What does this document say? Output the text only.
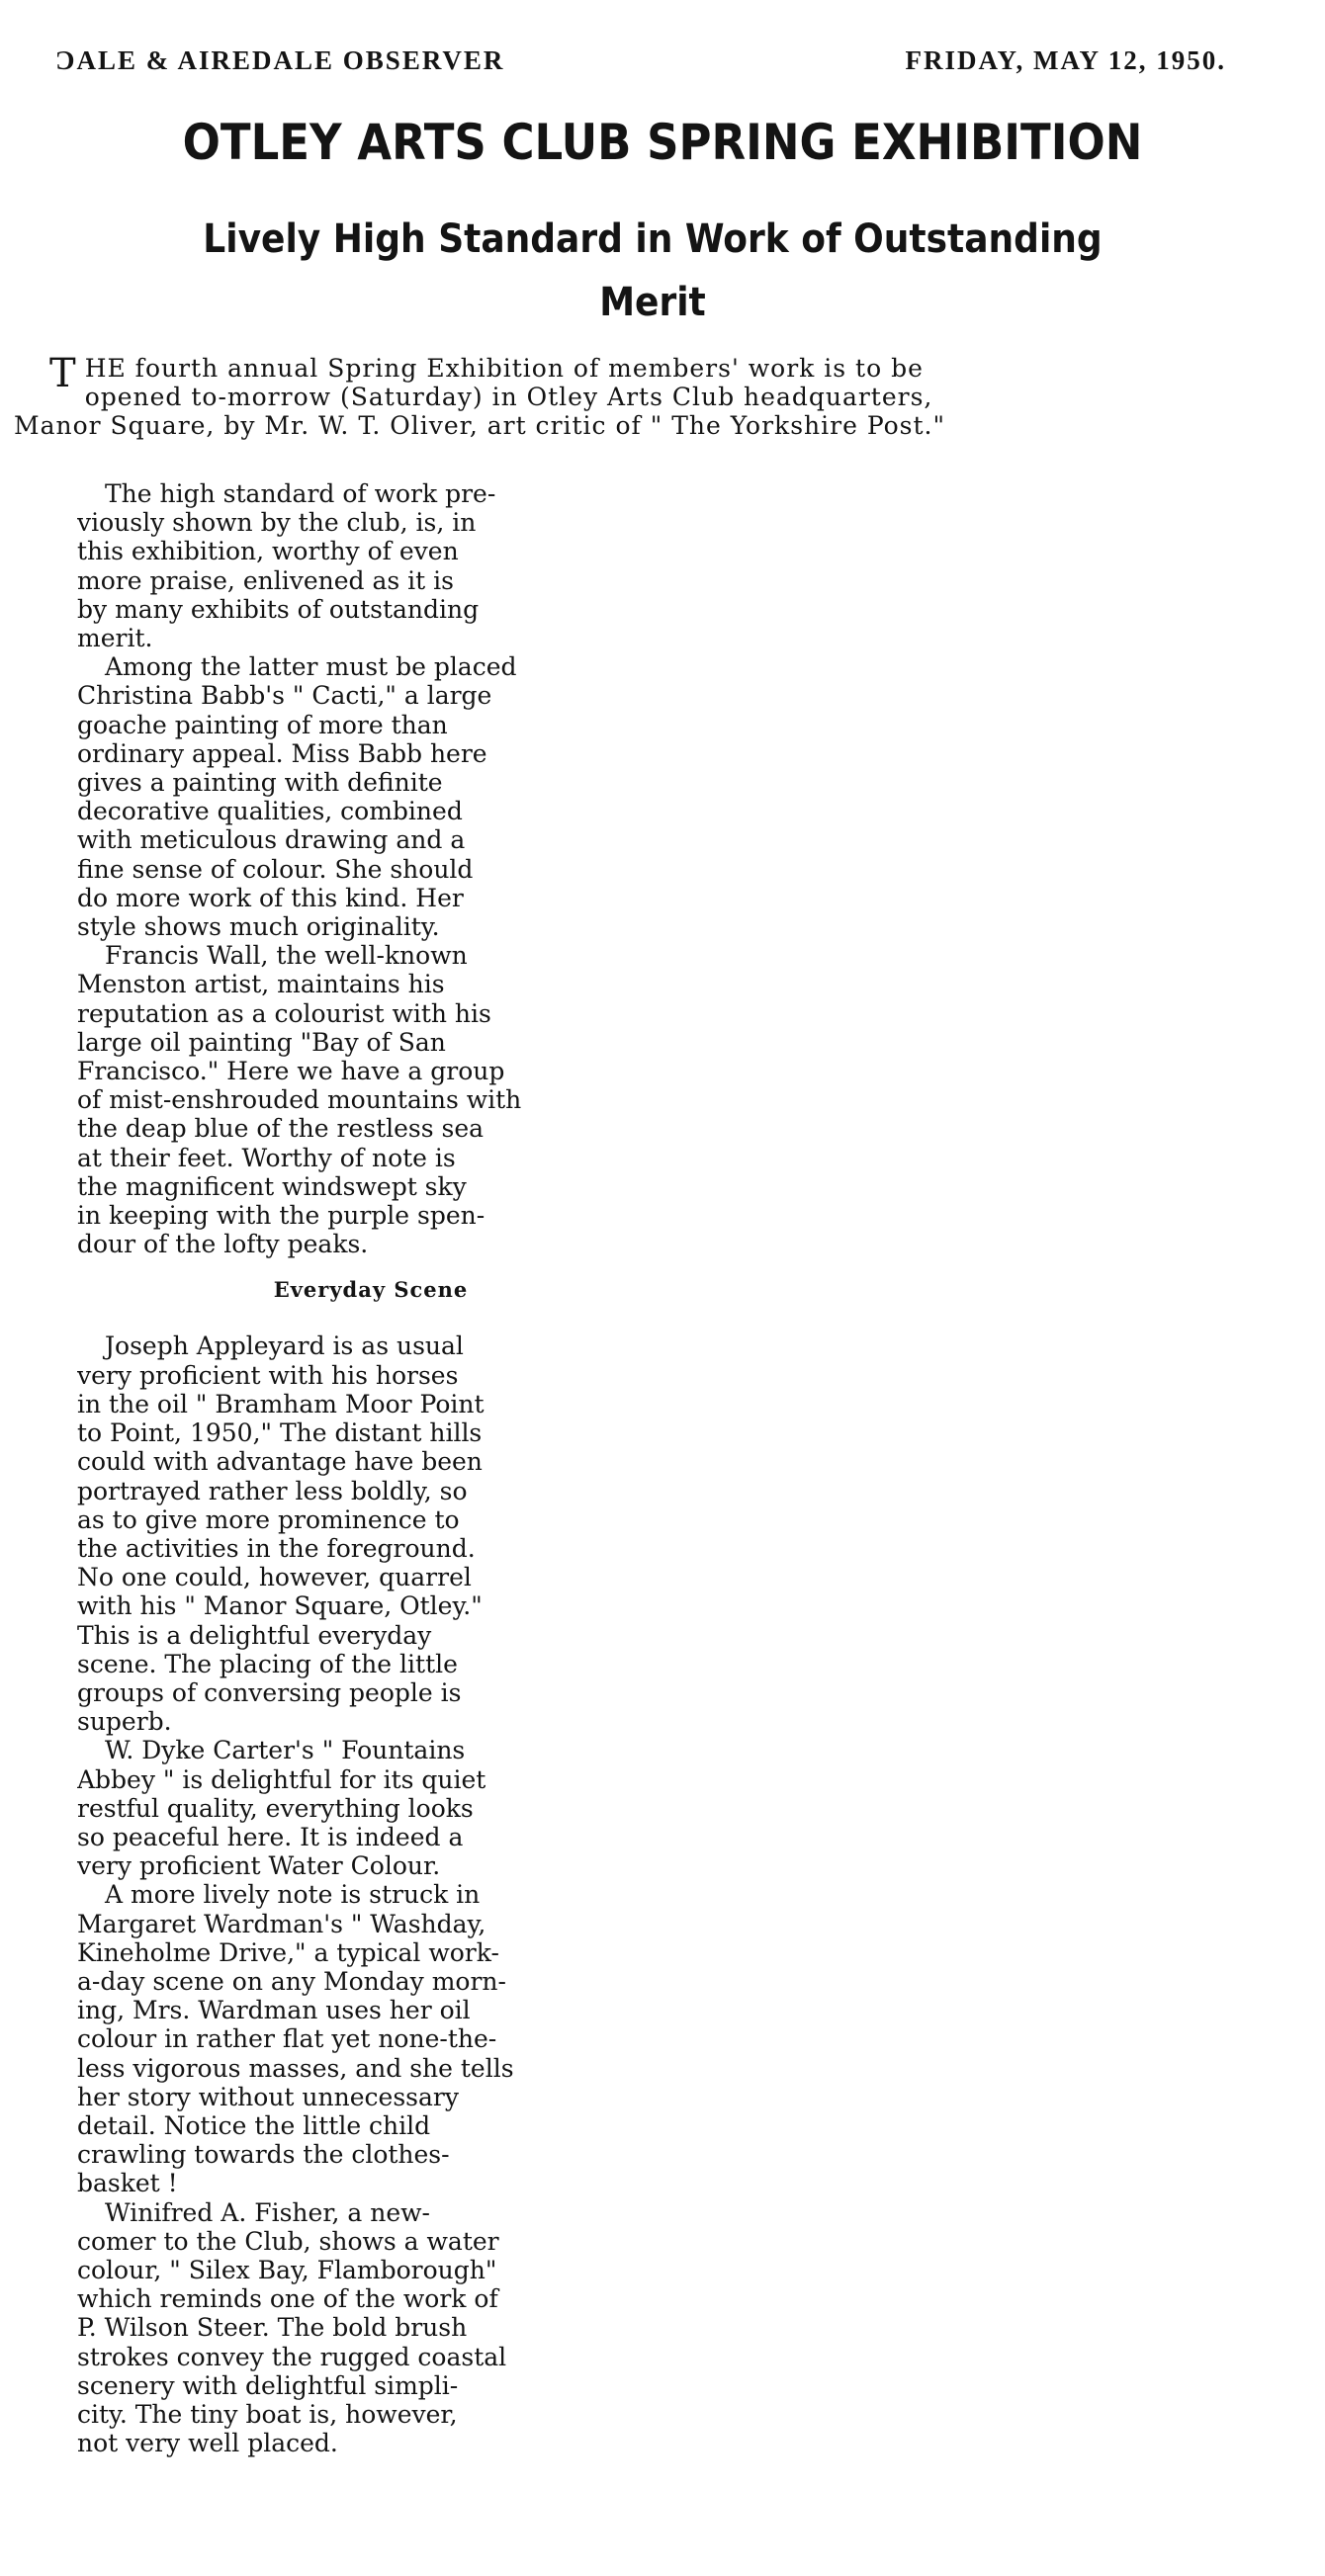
ƆALE & AIREDALE OBSERVER	FRIDAY, MAY 12, 1950.
OTLEY ARTS CLUB SPRING EXHIBITION
Lively High Standard in Work of Outstanding
Merit
T HE fourth annual Spring Exhibition of members' work is to be
opened to-morrow (Saturday) in Otley Arts Club headquarters,
Manor Square, by Mr. W. T. Oliver, art critic of " The Yorkshire Post."
The high standard of work pre-
viously shown by the club, is, in
this exhibition, worthy of even
more praise, enlivened as it is
by many exhibits of outstanding
merit.
Among the latter must be placed
Christina Babb's " Cacti," a large
goache painting of more than
ordinary appeal. Miss Babb here
gives a painting with definite
decorative qualities, combined
with meticulous drawing and a
fine sense of colour. She should
do more work of this kind. Her
style shows much originality.
Francis Wall, the well-known
Menston artist, maintains his
reputation as a colourist with his
large oil painting "Bay of San
Francisco." Here we have a group
of mist-enshrouded mountains with
the deap blue of the restless sea
at their feet. Worthy of note is
the magnificent windswept sky
in keeping with the purple spen-
dour of the lofty peaks.
Everyday Scene
Joseph Appleyard is as usual
very proficient with his horses
in the oil " Bramham Moor Point
to Point, 1950," The distant hills
could with advantage have been
portrayed rather less boldly, so
as to give more prominence to
the activities in the foreground.
No one could, however, quarrel
with his " Manor Square, Otley."
This is a delightful everyday
scene. The placing of the little
groups of conversing people is
superb.
W. Dyke Carter's " Fountains
Abbey " is delightful for its quiet
restful quality, everything looks
so peaceful here. It is indeed a
very proficient Water Colour.
A more lively note is struck in
Margaret Wardman's " Washday,
Kineholme Drive," a typical work-
a-day scene on any Monday morn-
ing, Mrs. Wardman uses her oil
colour in rather flat yet none-the-
less vigorous masses, and she tells
her story without unnecessary
detail. Notice the little child
crawling towards the clothes-
basket !
Winifred A. Fisher, a new-
comer to the Club, shows a water
colour, " Silex Bay, Flamborough"
which reminds one of the work of
P. Wilson Steer. The bold brush
strokes convey the rugged coastal
scenery with delightful simpli-
city. The tiny boat is, however,
not very well placed.
